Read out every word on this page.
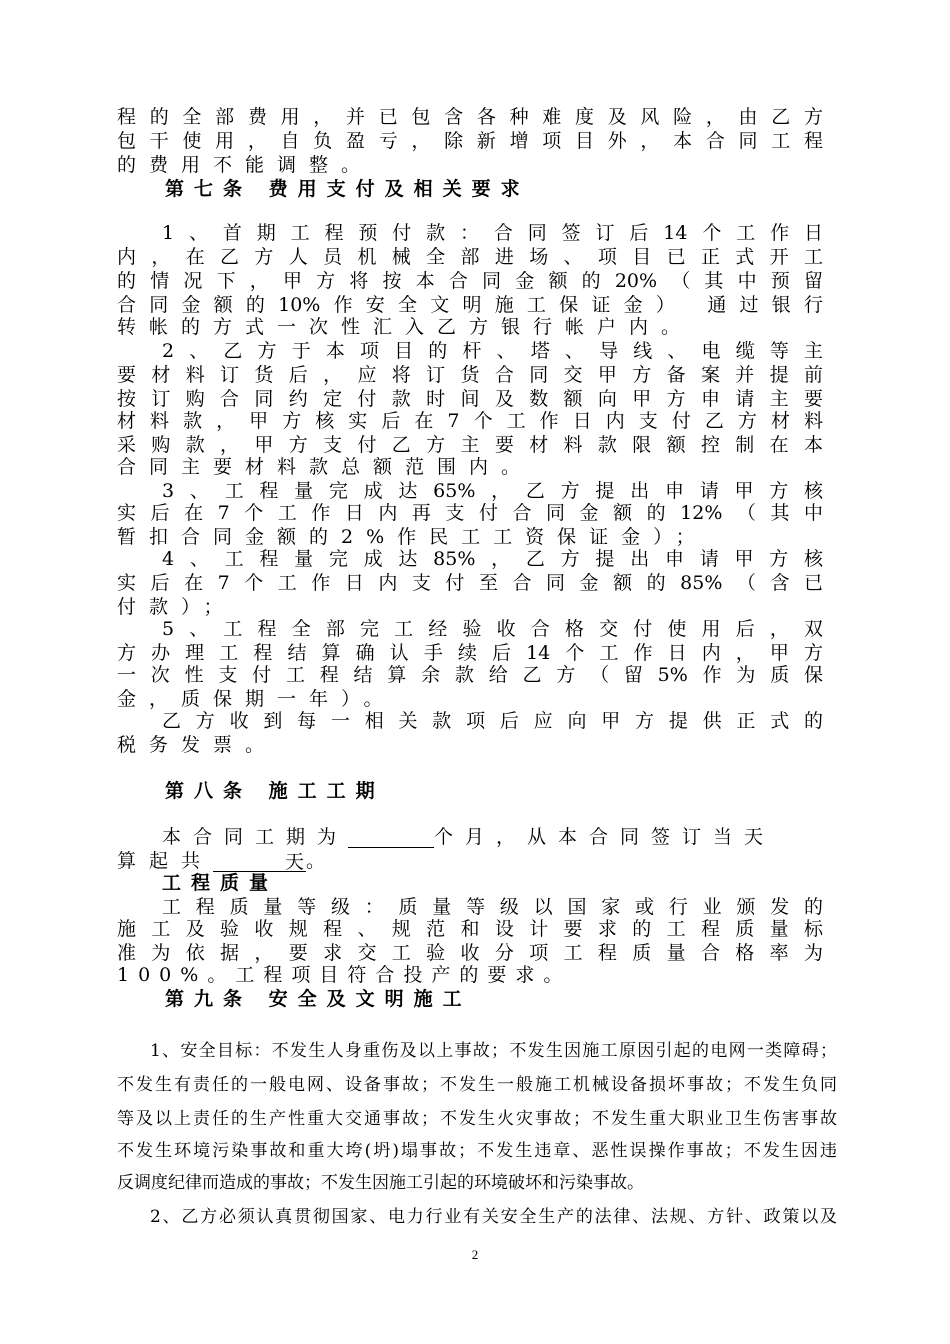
程的全部费用，并已包含各种难度及风险，由乙方
包干使用，自负盈亏，除新增项目外，本合同工程
的费用不能调整。
第七条 费用支付及相关要求
1、首期工程预付款：合同签订后14个工作日
内，在乙方人员机械全部进场、项目已正式开工
的情况下，甲方将按本合同金额的20%（其中预留
合同金额的10%作安全文明施工保证金） 通过银行
转帐的方式一次性汇入乙方银行帐户内。
2、乙方于本项目的杆、塔、导线、电缆等主
要材料订货后，应将订货合同交甲方备案并提前
按订购合同约定付款时间及数额向甲方申请主要
材料款，甲方核实后在7个工作日内支付乙方材料
采购款，甲方支付乙方主要材料款限额控制在本
合同主要材料款总额范围内。
3、工程量完成达65%，乙方提出申请甲方核
实后在7个工作日内再支付合同金额的12%（其中
暂扣合同金额的2%作民工工资保证金）；
4、工程量完成达85%，乙方提出申请甲方核
实后在7个工作日内支付至合同金额的85%（含已
付款）；
5、工程全部完工经验收合格交付使用后，双
方办理工程结算确认手续后14个工作日内，甲方
一次性支付工程结算余款给乙方（留5%作为质保
金，质保期一年）。
乙方收到每一相关款项后应向甲方提供正式的
税务发票。
第八条 施工工期
本合同工期为	个月，从本合同签订当天
算起共	天 。
工程质量
工程质量等级：质量等级以国家或行业颁发的
施工及验收规程、规范和设计要求的工程质量标
准为依据，要求交工验收分项工程质量合格率为
100%。工程项目符合投产的要求。
第九条 安全及文明施工
1、安全目标：不发生人身重伤及以上事故；不发生因施工原因引起的电网一类障碍；
不发生有责任的一般电网、设备事故；不发生一般施工机械设备损坏事故；不发生负同
等及以上责任的生产性重大交通事故；不发生火灾事故；不发生重大职业卫生伤害事故
不发生环境污染事故和重大垮(坍)塌事故；不发生违章、恶性误操作事故；不发生因违
反调度纪律而造成的事故；不发生因施工引起的环境破坏和污染事故。
2、乙方必须认真贯彻国家、电力行业有关安全生产的法律、法规、方针、政策以及
2
